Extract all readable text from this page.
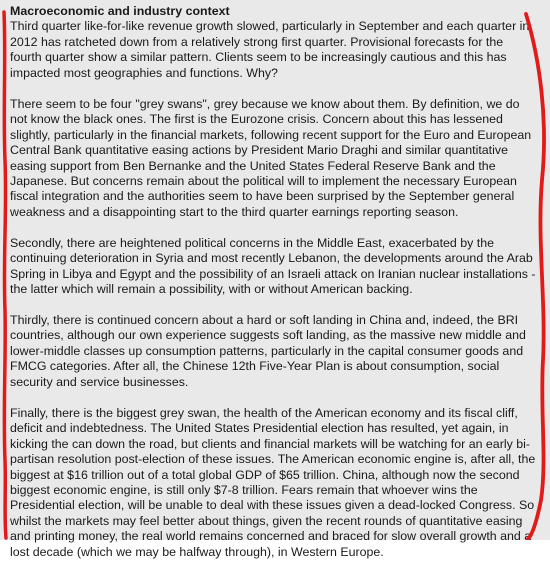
Macroeconomic and industry context

Third quarter like-for-like revenue growth slowed, particularly in September and each quarter in 2012 has ratcheted down from a relatively strong first quarter. Provisional forecasts for the fourth quarter show a similar pattern. Clients seem to be increasingly cautious and this has impacted most geographies and functions. Why?

There seem to be four "grey swans", grey because we know about them. By definition, we do not know the black ones. The first is the Eurozone crisis. Concern about this has lessened slightly, particularly in the financial markets, following recent support for the Euro and European Central Bank quantitative easing actions by President Mario Draghi and similar quantitative easing support from Ben Bernanke and the United States Federal Reserve Bank and the Japanese. But concerns remain about the political will to implement the necessary European fiscal integration and the authorities seem to have been surprised by the September general weakness and a disappointing start to the third quarter earnings reporting season.

Secondly, there are heightened political concerns in the Middle East, exacerbated by the continuing deterioration in Syria and most recently Lebanon, the developments around the Arab Spring in Libya and Egypt and the possibility of an Israeli attack on Iranian nuclear installations - the latter which will remain a possibility, with or without American backing.

Thirdly, there is continued concern about a hard or soft landing in China and, indeed, the BRI countries, although our own experience suggests soft landing, as the massive new middle and lower-middle classes up consumption patterns, particularly in the capital consumer goods and FMCG categories. After all, the Chinese 12th Five-Year Plan is about consumption, social security and service businesses.

Finally, there is the biggest grey swan, the health of the American economy and its fiscal cliff, deficit and indebtedness. The United States Presidential election has resulted, yet again, in kicking the can down the road, but clients and financial markets will be watching for an early bi-partisan resolution post-election of these issues. The American economic engine is, after all, the biggest at $16 trillion out of a total global GDP of $65 trillion. China, although now the second biggest economic engine, is still only $7-8 trillion. Fears remain that whoever wins the Presidential election, will be unable to deal with these issues given a dead-locked Congress. So whilst the markets may feel better about things, given the recent rounds of quantitative easing and printing money, the real world remains concerned and braced for slow overall growth and a lost decade (which we may be halfway through), in Western Europe.
